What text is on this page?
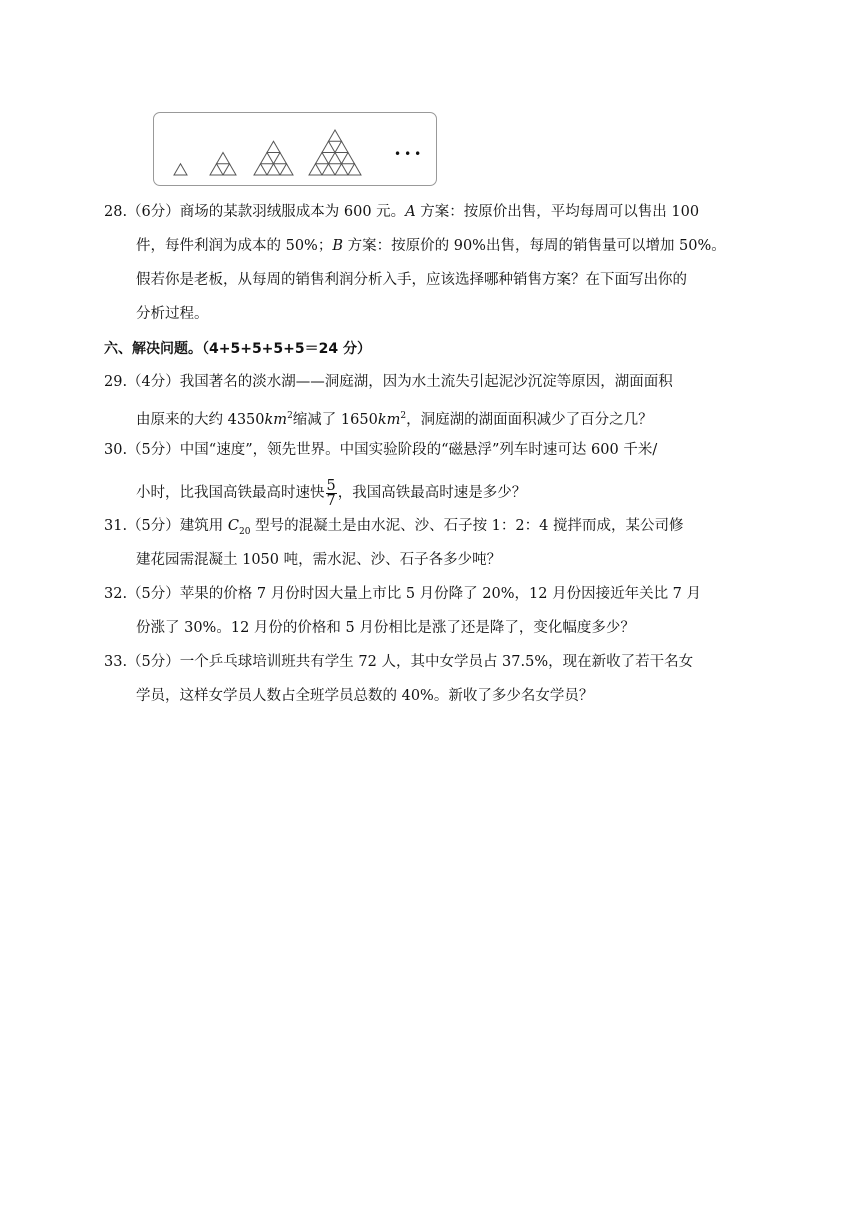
•••
28.（6分）商场的某款羽绒服成本为 600 元。A 方案：按原价出售，平均每周可以售出 100
件，每件利润为成本的 50%；B 方案：按原价的 90%出售，每周的销售量可以增加 50%。
假若你是老板，从每周的销售利润分析入手，应该选择哪种销售方案？在下面写出你的
分析过程。
六、解决问题。（4+5+5+5+5＝24 分）
29.（4分）我国著名的淡水湖——洞庭湖，因为水土流失引起泥沙沉淀等原因，湖面面积
由原来的大约 $4350km^2$缩减了 $1650km^2$，洞庭湖的湖面面积减少了百分之几？
30.（5分）中国“速度”，领先世界。中国实验阶段的“磁悬浮”列车时速可达 600 千米/
小时，比我国高铁最高时速快 $\frac{5}{7}$ ，我国高铁最高时速是多少？
31.（5分）建筑用 $C_{20}$ 型号的混凝土是由水泥、沙、石子按 1：2：4 搅拌而成，某公司修
建花园需混凝土 1050 吨，需水泥、沙、石子各多少吨？
32.（5分）苹果的价格 7 月份时因大量上市比 5 月份降了 20%，12 月份因接近年关比 7 月
份涨了 30%。12 月份的价格和 5 月份相比是涨了还是降了，变化幅度多少？
33.（5分）一个乒乓球培训班共有学生 72 人，其中女学员占 37.5%，现在新收了若干名女
学员，这样女学员人数占全班学员总数的 40%。新收了多少名女学员？
